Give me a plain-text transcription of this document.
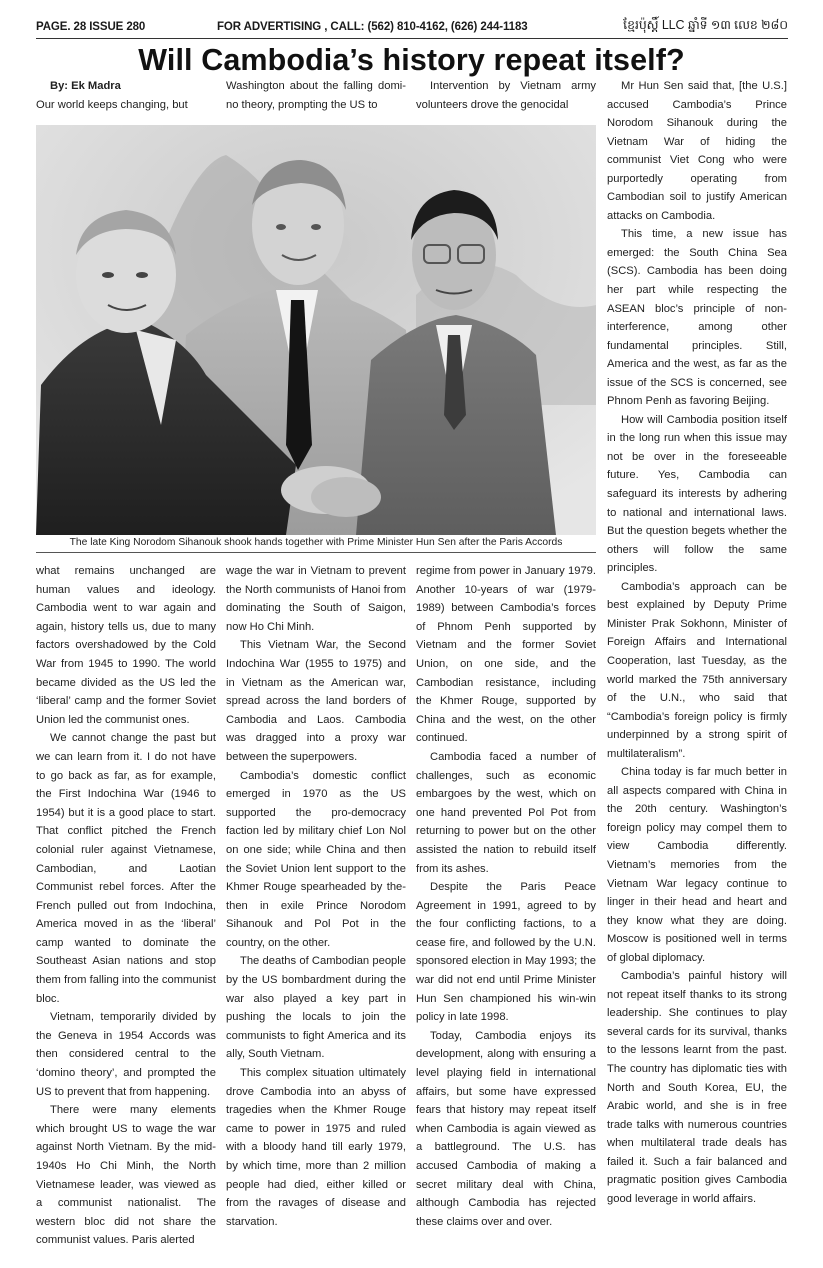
PAGE. 28 ISSUE 280	FOR ADVERTISING , CALL: (562) 810-4162, (626) 244-1183	ខ្មែរប៉ុស្តិ៍ LLC ឆ្នាំទី ១៣ លេខ ២៨០
Will Cambodia’s history repeat itself?

By: Ek Madra

Our world keeps changing, but

Washington about the falling domi- no theory, prompting the US to

Intervention by Vietnam army volunteers drove the genocidal

Mr Hun Sen said that, [the U.S.] accused Cambodia’s Prince Norodom Sihanouk during the Vietnam War of hiding the communist Viet Cong who were purportedly operating from Cambodian soil to justify American attacks on Cambodia.

This time, a new issue has emerged: the South China Sea (SCS). Cambodia has been doing her part while respecting the ASEAN bloc’s principle of non-interference, among other fundamental principles. Still, America and the west, as far as the issue of the SCS is concerned, see Phnom Penh as favoring Beijing.

How will Cambodia position itself in the long run when this issue may not be over in the foreseeable future. Yes, Cambodia can safeguard its interests by adhering to national and international laws. But the question begets whether the others will follow the same principles.

Cambodia’s approach can be best explained by Deputy Prime Minister Prak Sokhonn, Minister of Foreign Affairs and International Cooperation, last Tuesday, as the world marked the 75th anniversary of the U.N., who said that “Cambodia’s foreign policy is firmly underpinned by a strong spirit of multilateralism”.

China today is far much better in all aspects compared with China in the 20th century. Washington’s foreign policy may compel them to view Cambodia differently. Vietnam’s memories from the Vietnam War legacy continue to linger in their head and heart and they know what they are doing. Moscow is positioned well in terms of global diplomacy.

Cambodia’s painful history will not repeat itself thanks to its strong leadership. She continues to play several cards for its survival, thanks to the lessons learnt from the past. The country has diplomatic ties with North and South Korea, EU, the Arabic world, and she is in free trade talks with numerous countries when multilateral trade deals has failed it. Such a fair balanced and pragmatic position gives Cambodia good leverage in world affairs.

The late King Norodom Sihanouk shook hands together with Prime Minister Hun Sen after the Paris Accords

what remains unchanged are human values and ideology. Cambodia went to war again and again, history tells us, due to many factors overshadowed by the Cold War from 1945 to 1990. The world became divided as the US led the ‘liberal’ camp and the former Soviet Union led the communist ones.

We cannot change the past but we can learn from it. I do not have to go back as far, as for example, the First Indochina War (1946 to 1954) but it is a good place to start. That conflict pitched the French colonial ruler against Vietnamese, Cambodian, and Laotian Communist rebel forces. After the French pulled out from Indochina, America moved in as the ‘liberal’ camp wanted to dominate the Southeast Asian nations and stop them from falling into the communist bloc.

Vietnam, temporarily divided by the Geneva in 1954 Accords was then considered central to the ‘domino theory’, and prompted the US to prevent that from happening.

There were many elements which brought US to wage the war against North Vietnam. By the mid-1940s Ho Chi Minh, the North Vietnamese leader, was viewed as a communist nationalist. The western bloc did not share the communist values. Paris alerted

wage the war in Vietnam to prevent the North communists of Hanoi from dominating the South of Saigon, now Ho Chi Minh.

This Vietnam War, the Second Indochina War (1955 to 1975) and in Vietnam as the American war, spread across the land borders of Cambodia and Laos. Cambodia was dragged into a proxy war between the superpowers.

Cambodia’s domestic conflict emerged in 1970 as the US supported the pro-democracy faction led by military chief Lon Nol on one side; while China and then the Soviet Union lent support to the Khmer Rouge spearheaded by the-then in exile Prince Norodom Sihanouk and Pol Pot in the country, on the other.

The deaths of Cambodian people by the US bombardment during the war also played a key part in pushing the locals to join the communists to fight America and its ally, South Vietnam.

This complex situation ultimately drove Cambodia into an abyss of tragedies when the Khmer Rouge came to power in 1975 and ruled with a bloody hand till early 1979, by which time, more than 2 million people had died, either killed or from the ravages of disease and starvation.

regime from power in January 1979. Another 10-years of war (1979- 1989) between Cambodia’s forces of Phnom Penh supported by Vietnam and the former Soviet Union, on one side, and the Cambodian resistance, including the Khmer Rouge, supported by China and the west, on the other continued.

Cambodia faced a number of challenges, such as economic embargoes by the west, which on one hand prevented Pol Pot from returning to power but on the other assisted the nation to rebuild itself from its ashes.

Despite the Paris Peace Agreement in 1991, agreed to by the four conflicting factions, to a cease fire, and followed by the U.N. sponsored election in May 1993; the war did not end until Prime Minister Hun Sen championed his win-win policy in late 1998.

Today, Cambodia enjoys its development, along with ensuring a level playing field in international affairs, but some have expressed fears that history may repeat itself when Cambodia is again viewed as a battleground. The U.S. has accused Cambodia of making a secret military deal with China, although Cambodia has rejected these claims over and over.
